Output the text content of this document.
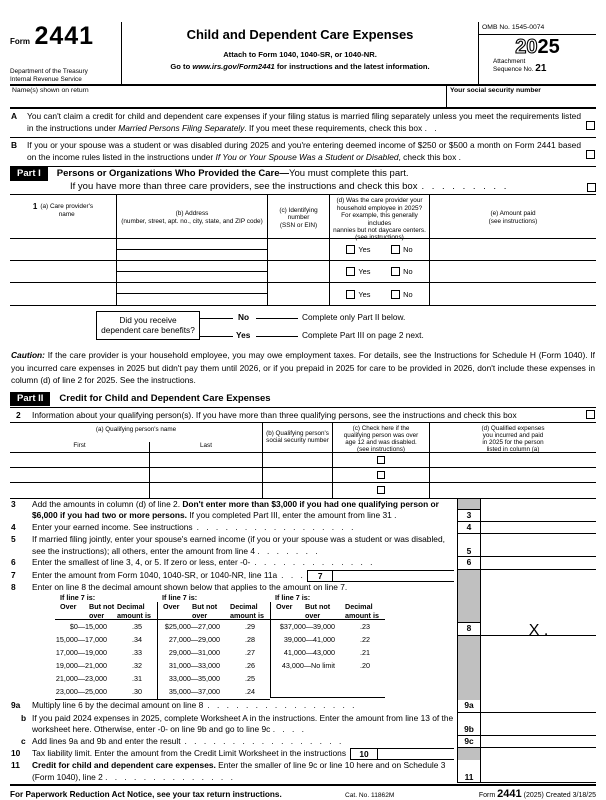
Form 2441
Department of the Treasury
Internal Revenue Service
Child and Dependent Care Expenses
Attach to Form 1040, 1040-SR, or 1040-NR.
Go to www.irs.gov/Form2441 for instructions and the latest information.
OMB No. 1545-0074
2025
Attachment
Sequence No. 21
Name(s) shown on return	Your social security number
A	You can't claim a credit for child and dependent care expenses if your filing status is married filing separately unless you meet the requirements listed in the instructions under Married Persons Filing Separately. If you meet these requirements, check this box . .
B	If you or your spouse was a student or was disabled during 2025 and you're entering deemed income of $250 or $500 a month on Form 2441 based on the income rules listed in the instructions under If You or Your Spouse Was a Student or Disabled, check this box .
Part I	Persons or Organizations Who Provided the Care—You must complete this part.
If you have more than three care providers, see the instructions and check this box . . . . . . . . .
1 (a) Care provider's
name	(b) Address
(number, street, apt. no., city, state, and ZIP code)
(c) Identifying number
(SSN or EIN)
(d) Was the care provider your
household employee in 2025?
For example, this generally includes
nannies but not daycare centers.
(see instructions)
(e) Amount paid
(see instructions)
Yes	No
Yes	No
Yes	No
Did you receive
dependent care benefits?
No	Complete only Part II below.
Yes	Complete Part III on page 2 next.
Caution: If the care provider is your household employee, you may owe employment taxes. For details, see the Instructions for Schedule H (Form 1040). If you incurred care expenses in 2025 but didn't pay them until 2026, or if you prepaid in 2025 for care to be provided in 2026, don't include these expenses in column (d) of line 2 for 2025. See the instructions.
Part II	Credit for Child and Dependent Care Expenses
2	Information about your qualifying person(s). If you have more than three qualifying persons, see the instructions and check this box
(a) Qualifying person's name
First	Last
(b) Qualifying person's
social security number
(c) Check here if the
qualifying person was over
age 12 and was disabled.
(see instructions)
(d) Qualified expenses
you incurred and paid
in 2025 for the person
listed in column (a)
3	Add the amounts in column (d) of line 2. Don't enter more than $3,000 if you had one qualifying person or $6,000 if you had two or more persons. If you completed Part III, enter the amount from line 31 .	3
4	Enter your earned income. See instructions . . . . . . . . . . . . . . . . .	4
5	If married filing jointly, enter your spouse's earned income (if you or your spouse was a student or was disabled, see the instructions); all others, enter the amount from line 4 . . . . . . .	5
6	Enter the smallest of line 3, 4, or 5. If zero or less, enter -0- . . . . . . . . . . . . .	6
7	Enter the amount from Form 1040, 1040-SR, or 1040-NR, line 11a . . .	7
8	Enter on line 8 the decimal amount shown below that applies to the amount on line 7.
If line 7 is:
Over	But not
over
Decimal
amount is
$0—15,000	.35
15,000—17,000	.34
17,000—19,000	.33
19,000—21,000	.32
21,000—23,000	.31
23,000—25,000	.30
If line 7 is:
Over	But not
over
Decimal
amount is
$25,000—27,000	.29
27,000—29,000	.28
29,000—31,000	.27
31,000—33,000	.26
33,000—35,000	.25
35,000—37,000	.24
If line 7 is:
Over	But not
over
Decimal
amount is
$37,000—39,000	.23
39,000—41,000	.22
41,000—43,000	.21
43,000—No limit	.20
8	X .
9a	Multiply line 6 by the decimal amount on line 8 . . . . . . . . . . . . . . . .	9a
b If you paid 2024 expenses in 2025, complete Worksheet A in the instructions. Enter the amount from line 13 of the worksheet here. Otherwise, enter -0- on line 9b and go to line 9c . . . .	9b
c Add lines 9a and 9b and enter the result . . . . . . . . . . . . . . . . .	9c
10	Tax liability limit. Enter the amount from the Credit Limit Worksheet in the instructions	10
11	Credit for child and dependent care expenses. Enter the smaller of line 9c or line 10 here and on Schedule 3 (Form 1040), line 2 . . . . . . . . . . . . . .	11
For Paperwork Reduction Act Notice, see your tax return instructions.	Cat. No. 11862M	Form 2441 (2025) Created 3/18/25
